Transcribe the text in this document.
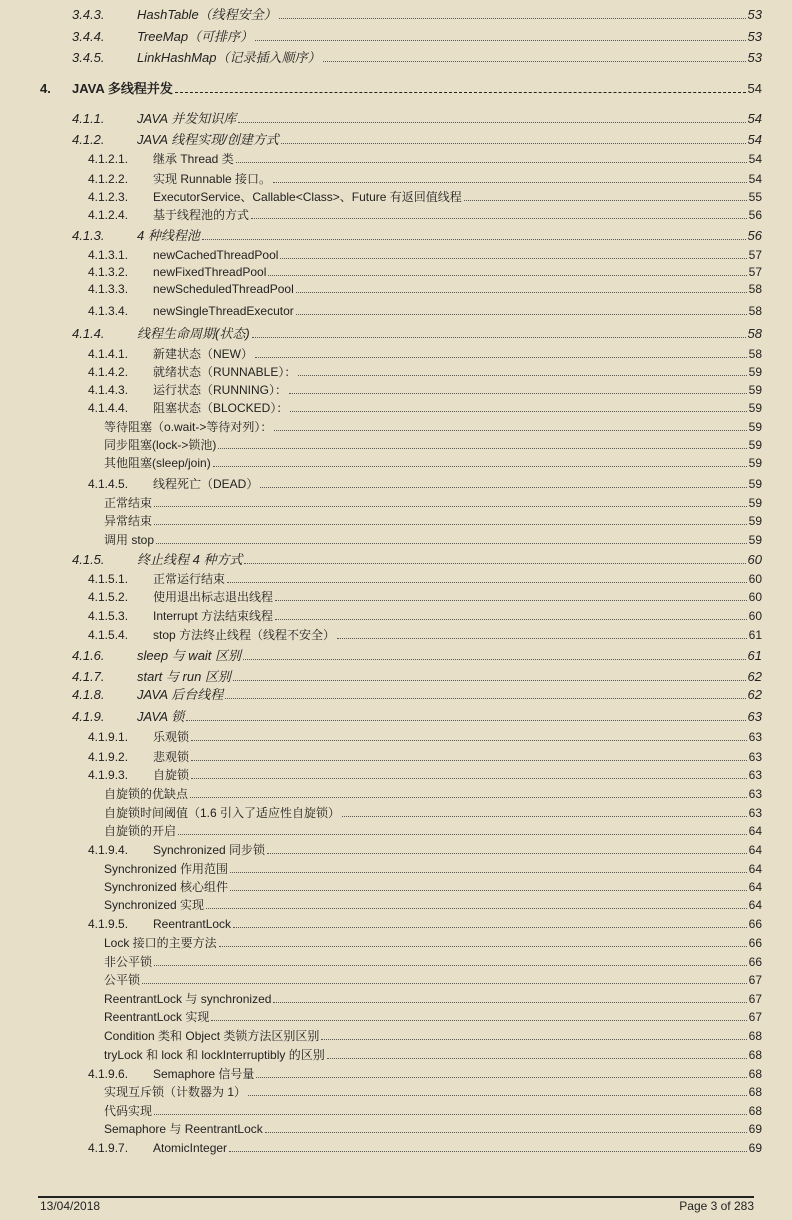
3.4.3. HashTable（线程安全）	53
3.4.4. TreeMap（可排序）	53
3.4.5. LinkHashMap（记录插入顺序）	53
4. JAVA 多线程并发	54
4.1.1. JAVA 并发知识库	54
4.1.2. JAVA 线程实现/创建方式	54
4.1.2.1. 继承 Thread 类	54
4.1.2.2. 实现 Runnable 接口。	54
4.1.2.3. ExecutorService、Callable<Class>、Future 有返回值线程	55
4.1.2.4. 基于线程池的方式	56
4.1.3. 4 种线程池	56
4.1.3.1. newCachedThreadPool	57
4.1.3.2. newFixedThreadPool	57
4.1.3.3. newScheduledThreadPool	58
4.1.3.4. newSingleThreadExecutor	58
4.1.4. 线程生命周期(状态)	58
4.1.4.1. 新建状态（NEW）	58
4.1.4.2. 就绪状态（RUNNABLE）：	59
4.1.4.3. 运行状态（RUNNING）：	59
4.1.4.4. 阻塞状态（BLOCKED）：	59
等待阻塞（o.wait->等待对列）：	59
同步阻塞(lock->锁池)	59
其他阻塞(sleep/join)	59
4.1.4.5. 线程死亡（DEAD）	59
正常结束	59
异常结束	59
调用 stop	59
4.1.5. 终止线程 4 种方式	60
4.1.5.1. 正常运行结束	60
4.1.5.2. 使用退出标志退出线程	60
4.1.5.3. Interrupt 方法结束线程	60
4.1.5.4. stop 方法终止线程（线程不安全）	61
4.1.6. sleep 与 wait 区别	61
4.1.7. start 与 run 区别	62
4.1.8. JAVA 后台线程	62
4.1.9. JAVA 锁	63
4.1.9.1. 乐观锁	63
4.1.9.2. 悲观锁	63
4.1.9.3. 自旋锁	63
自旋锁的优缺点	63
自旋锁时间阈值（1.6 引入了适应性自旋锁）	63
自旋锁的开启	64
4.1.9.4. Synchronized 同步锁	64
Synchronized 作用范围	64
Synchronized 核心组件	64
Synchronized 实现	64
4.1.9.5. ReentrantLock	66
Lock 接口的主要方法	66
非公平锁	66
公平锁	67
ReentrantLock 与 synchronized	67
ReentrantLock 实现	67
Condition 类和 Object 类锁方法区别区别	68
tryLock 和 lock 和 lockInterruptibly 的区别	68
4.1.9.6. Semaphore 信号量	68
实现互斥锁（计数器为 1）	68
代码实现	68
Semaphore 与 ReentrantLock	69
4.1.9.7. AtomicInteger	69
13/04/2018	Page 3 of 283
